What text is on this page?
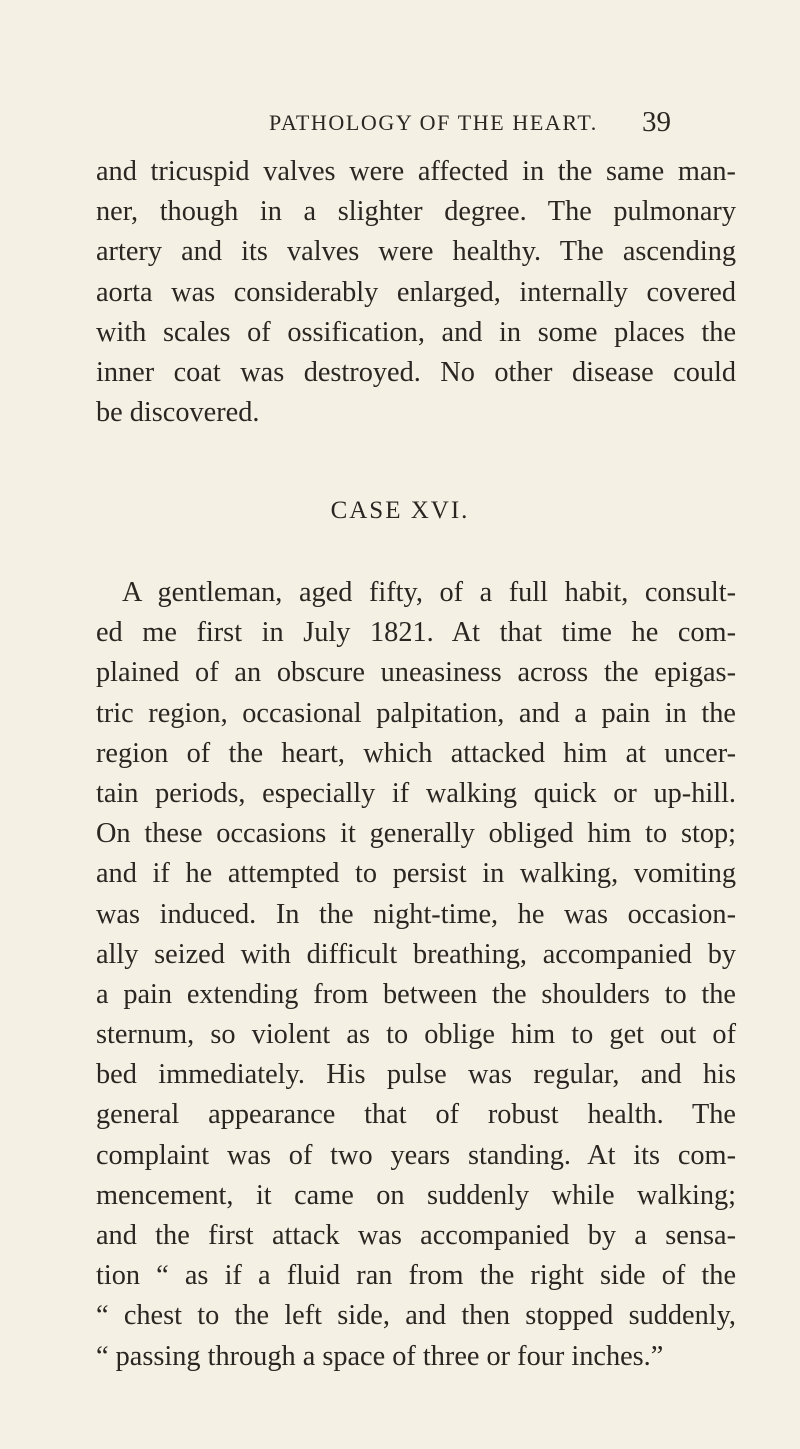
PATHOLOGY OF THE HEART. 39
and tricuspid valves were affected in the same man-
ner, though in a slighter degree. The pulmonary
artery and its valves were healthy. The ascending
aorta was considerably enlarged, internally covered
with scales of ossification, and in some places the
inner coat was destroyed. No other disease could
be discovered.
CASE XVI.
A gentleman, aged fifty, of a full habit, consult-
ed me first in July 1821. At that time he com-
plained of an obscure uneasiness across the epigas-
tric region, occasional palpitation, and a pain in the
region of the heart, which attacked him at uncer-
tain periods, especially if walking quick or up-hill.
On these occasions it generally obliged him to stop;
and if he attempted to persist in walking, vomiting
was induced. In the night-time, he was occasion-
ally seized with difficult breathing, accompanied by
a pain extending from between the shoulders to the
sternum, so violent as to oblige him to get out of
bed immediately. His pulse was regular, and his
general appearance that of robust health. The
complaint was of two years standing. At its com-
mencement, it came on suddenly while walking;
and the first attack was accompanied by a sensa-
tion “ as if a fluid ran from the right side of the
“ chest to the left side, and then stopped suddenly,
“ passing through a space of three or four inches.”
